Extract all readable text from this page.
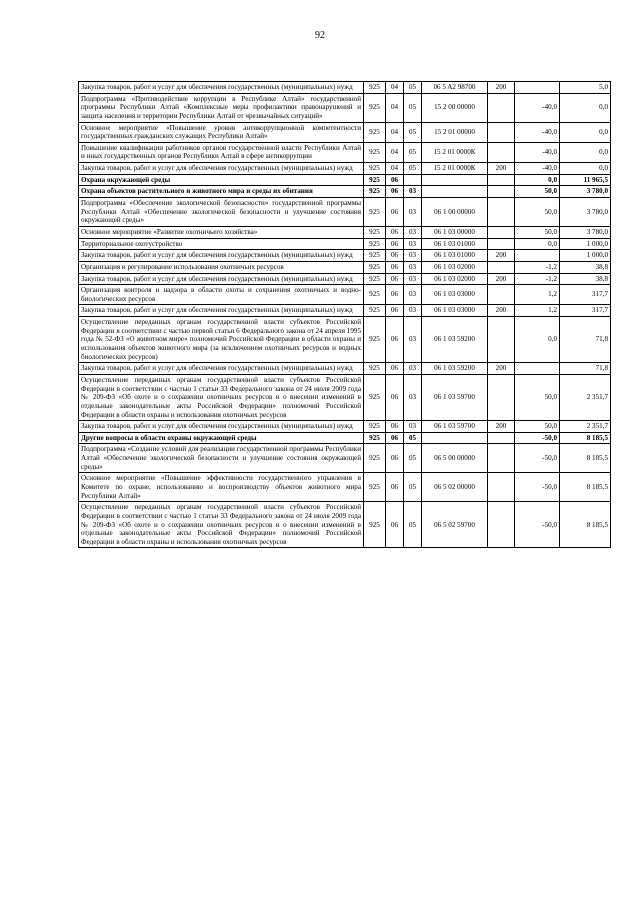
92
Закупка товаров, работ и услуг для обеспечения государственных (муниципальных) нужд	925	04	05	06 5 A2 98700	200		5,0
Подпрограмма «Противодействие коррупции в Республике Алтай» государственной программы Республики Алтай «Комплексные меры профилактики правонарушений и защита населения и территории Республики Алтай от чрезвычайных ситуаций»	925	04	05	15 2 00 00000		-40,0	0,0
Основное мероприятие «Повышение уровня антикоррупционной компетентности государственных гражданских служащих Республики Алтай»	925	04	05	15 2 01 00000		-40,0	0,0
Повышение квалификации работников органов государственной власти Республики Алтай и иных государственных органов Республики Алтай в сфере антикоррупции	925	04	05	15 2 01 0000К		-40,0	0,0
Закупка товаров, работ и услуг для обеспечения государственных (муниципальных) нужд	925	04	05	15 2 01 0000К	200	-40,0	0,0
Охрана окружающей среды	925	06				0,0	11 965,5
Охрана объектов растительного и животного мира и среды их обитания	925	06	03			50,0	3 780,0
Подпрограмма «Обеспечение экологической безопасности» государственной программы Республики Алтай «Обеспечение экологической безопасности и улучшение состояния окружающей среды»	925	06	03	06 1 00 00000		50,0	3 780,0
Основное мероприятие «Развитие охотничьего хозяйства»	925	06	03	06 1 03 00000		50,0	3 780,0
Территориальное охотустройство	925	06	03	06 1 03 01000		0,0	1 000,0
Закупка товаров, работ и услуг для обеспечения государственных (муниципальных) нужд	925	06	03	06 1 03 01000	200		1 000,0
Организация и регулирование использования охотничьих ресурсов	925	06	03	06 1 03 02000		-1,2	38,8
Закупка товаров, работ и услуг для обеспечения государственных (муниципальных) нужд	925	06	03	06 1 03 02000	200	-1,2	38,8
Организация контроля и надзора в области охоты и сохранения охотничьих и водно-биологических ресурсов	925	06	03	06 1 03 03000		1,2	317,7
Закупка товаров, работ и услуг для обеспечения государственных (муниципальных) нужд	925	06	03	06 1 03 03000	200	1,2	317,7
Осуществление переданных органам государственной власти субъектов Российской Федерации в соответствии с частью первой статьи 6 Федерального закона от 24 апреля 1995 года № 52-ФЗ «О животном мире» полномочий Российской Федерации в области охраны и использования объектов животного мира (за исключением охотничьих ресурсов и водных биологических ресурсов)	925	06	03	06 1 03 59200		0,0	71,8
Закупка товаров, работ и услуг для обеспечения государственных (муниципальных) нужд	925	06	03	06 1 03 59200	200		71,8
Осуществление переданных органам государственной власти субъектов Российской Федерации в соответствии с частью 1 статьи 33 Федерального закона от 24 июля 2009 года № 209-ФЗ «Об охоте и о сохранении охотничьих ресурсов и о внесении изменений в отдельные законодательные акты Российской Федерации» полномочий Российской Федерации в области охраны и использования охотничьих ресурсов	925	06	03	06 1 03 59700		50,0	2 351,7
Закупка товаров, работ и услуг для обеспечения государственных (муниципальных) нужд	925	06	03	06 1 03 59700	200	50,0	2 351,7
Другие вопросы в области охраны окружающей среды	925	06	05			-50,0	8 185,5
Подпрограмма «Создание условий для реализации государственной программы Республики Алтай «Обеспечение экологической безопасности и улучшение состояния окружающей среды»	925	06	05	06 5 00 00000		-50,0	8 185,5
Основное мероприятие «Повышение эффективности государственного управления в Комитете по охране, использованию и воспроизводству объектов животного мира Республики Алтай»	925	06	05	06 5 02 00000		-50,0	8 185,5
Осуществление переданных органам государственной власти субъектов Российской Федерации в соответствии с частью 1 статьи 33 Федерального закона от 24 июля 2009 года № 209-ФЗ «Об охоте и о сохранении охотничьих ресурсов и о внесении изменений в отдельные законодательные акты Российской Федерации» полномочий Российской Федерации в области охраны и использования охотничьих ресурсов	925	06	05	06 5 02 59700		-50,0	8 185,5
